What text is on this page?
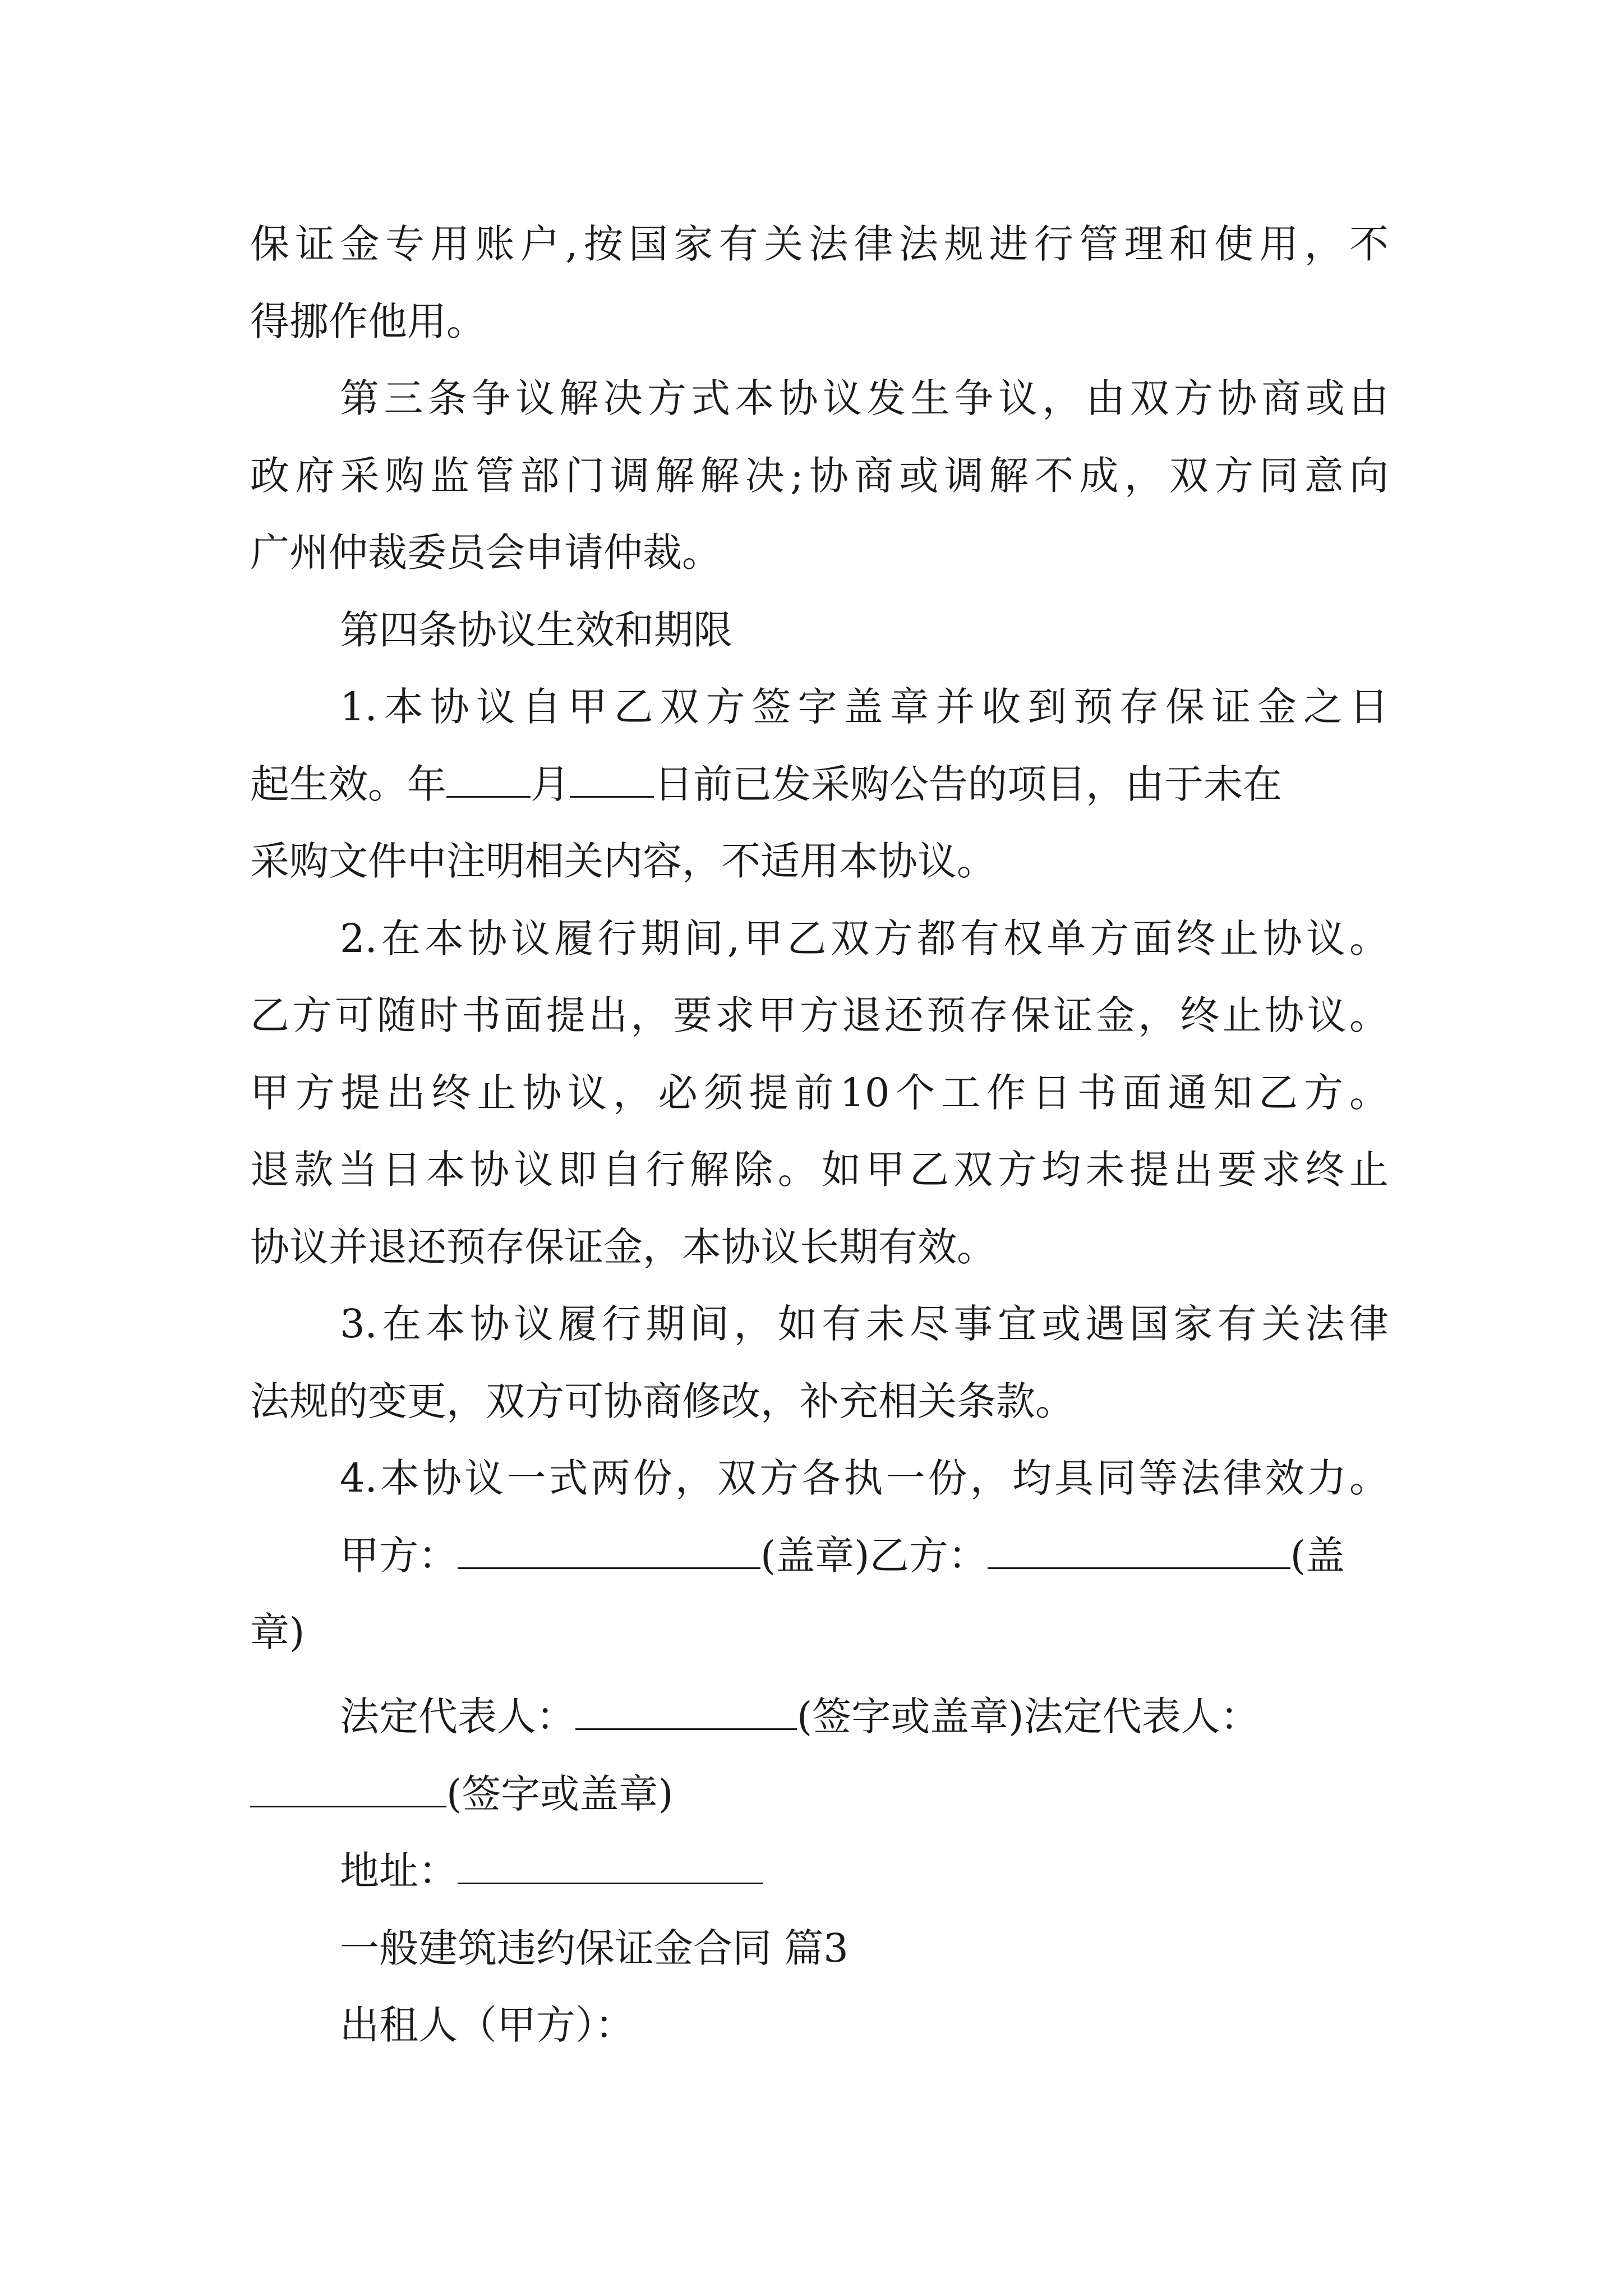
保证金专用账户,按国家有关法律法规进行管理和使用，不
得挪作他用。
第三条争议解决方式本协议发生争议，由双方协商或由
政府采购监管部门调解解决;协商或调解不成，双方同意向
广州仲裁委员会申请仲裁。
第四条协议生效和期限
1.本协议自甲乙双方签字盖章并收到预存保证金之日
起生效。年 月 日前已发采购公告的项目，由于未在
采购文件中注明相关内容，不适用本协议。
2.在本协议履行期间,甲乙双方都有权单方面终止协议。
乙方可随时书面提出，要求甲方退还预存保证金，终止协议。
甲方提出终止协议，必须提前10个工作日书面通知乙方。
退款当日本协议即自行解除。如甲乙双方均未提出要求终止
协议并退还预存保证金，本协议长期有效。
3.在本协议履行期间，如有未尽事宜或遇国家有关法律
法规的变更，双方可协商修改，补充相关条款。
4.本协议一式两份，双方各执一份，均具同等法律效力。
甲方：	(盖章)乙方：	(盖
章)
法定代表人：	(签字或盖章)法定代表人：
(签字或盖章)
地址：
一般建筑违约保证金合同 篇3
出租人（甲方）：
